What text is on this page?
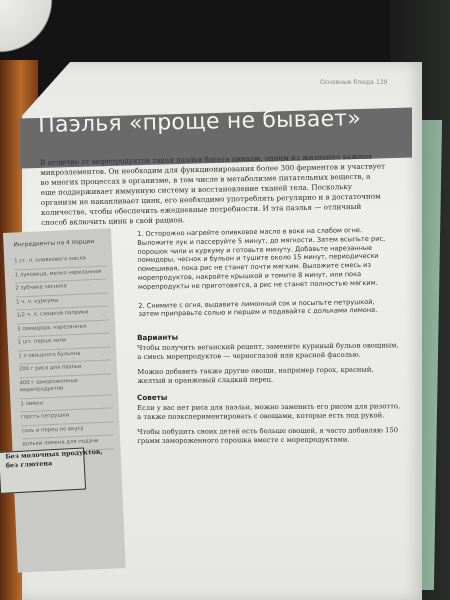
Основные блюда 139
Паэлья «проще не бывает»
В отличие от морепродуктов такая паэлья богата цинком, одним из жизненно важных микроэлементов. Он необходим для функционирования более 300 ферментов и участвует во многих процессах в организме, в том числе в метаболизме питательных веществ, а еще поддерживает иммунную систему и восстановление тканей тела. Поскольку организм не накапливает цинк, его необходимо употреблять регулярно и в достаточном количестве, чтобы обеспечить ежедневные потребности. И эта паэлья — отличный способ включить цинк в свой рацион.
Ингредиенты на 4 порции
1 ст. л. оливкового масла
1 луковица, мелко нарезанная
2 зубчика чеснока
1 ч. л. куркумы
1/2 ч. л. сладкой паприки
3 помидора, нарезанных
1 шт. перца чили
1 л овощного бульона
200 г риса для паэльи
400 г замороженных морепродуктов
1 лимон
горсть петрушки
соль и перец по вкусу
дольки лимона для подачи
Без молочных продуктов,
без глютена

1. Осторожно нагрейте оливковое масло в воке на слабом огне. Выложите лук и пассеруйте 5 минут, до мягкости. Затем всыпьте рис, порошок чили и куркуму и готовьте минуту. Добавьте нарезанные помидоры, чеснок и бульон и тушите около 15 минут, периодически помешивая, пока рис не станет почти мягким. Выложите смесь из морепродуктов, накройте крышкой и томите 8 минут, или пока морепродукты не приготовятся, а рис не станет полностью мягким.

2. Снимите с огня, выдавите лимонный сок и посыпьте петрушкой, затем приправьте солью и перцем и подавайте с дольками лимона.

Варианты

Чтобы получить веганский рецепт, замените куриный бульон овощным, а смесь морепродуктов — черноглазой или красной фасолью.

Можно добавить также другие овощи, например горох, красный, желтый и оранжевый сладкий перец.

Советы

Если у вас нет риса для паэльи, можно заменить его рисом для ризотто, а также поэкспериментировать с овощами, которые есть под рукой.

Чтобы побудить своих детей есть больше овощей, я часто добавляю 150 грамм замороженного горошка вместе с морепродуктами.
